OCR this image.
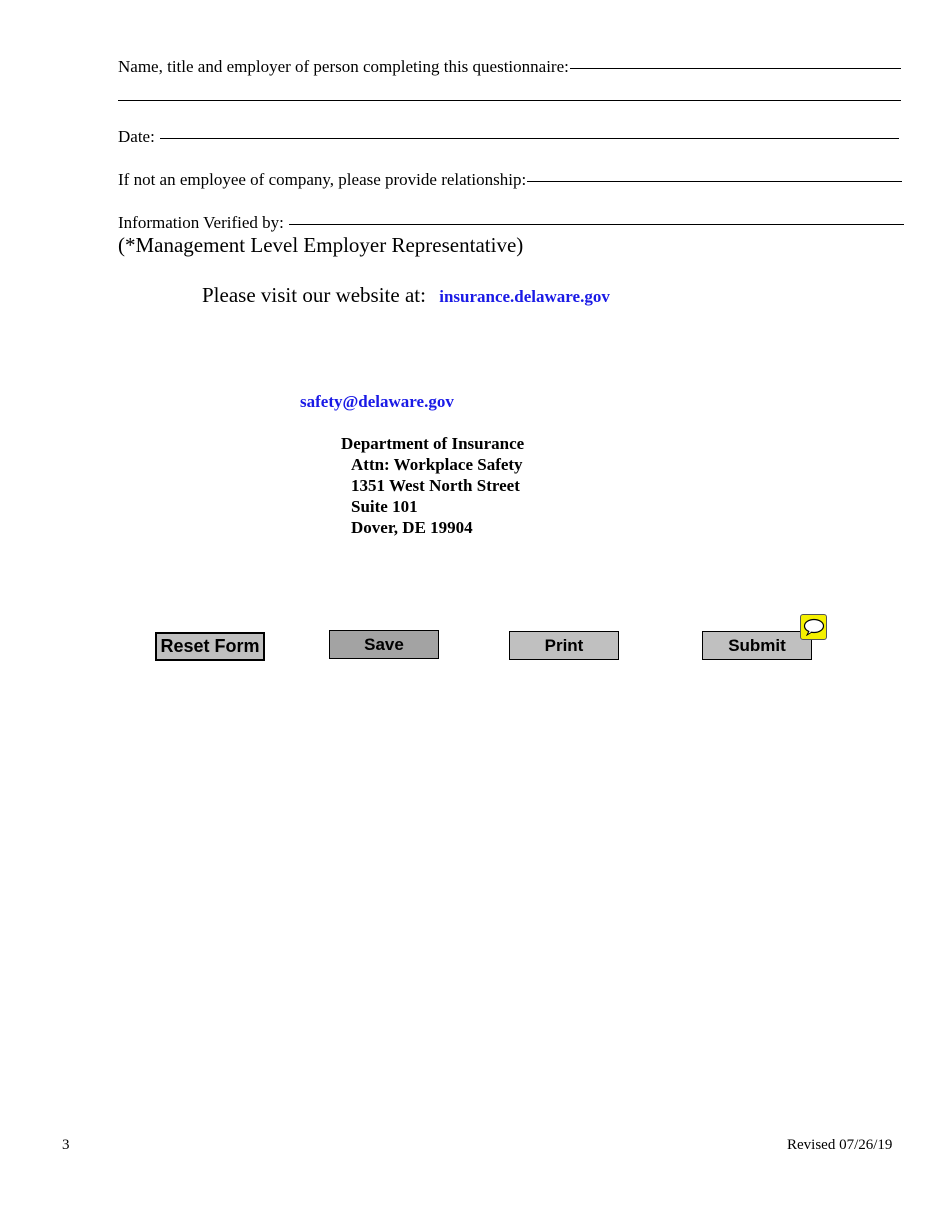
Name, title and employer of person completing this questionnaire:
Date:
If not an employee of company, please provide relationship:
Information Verified by:
(*Management Level Employer Representative)
Please visit our website at: insurance.delaware.gov
safety@delaware.gov
Department of Insurance
Attn: Workplace Safety
1351 West North Street
Suite 101
Dover, DE 19904
Reset Form	Save	Print	Submit
3	Revised 07/26/19
